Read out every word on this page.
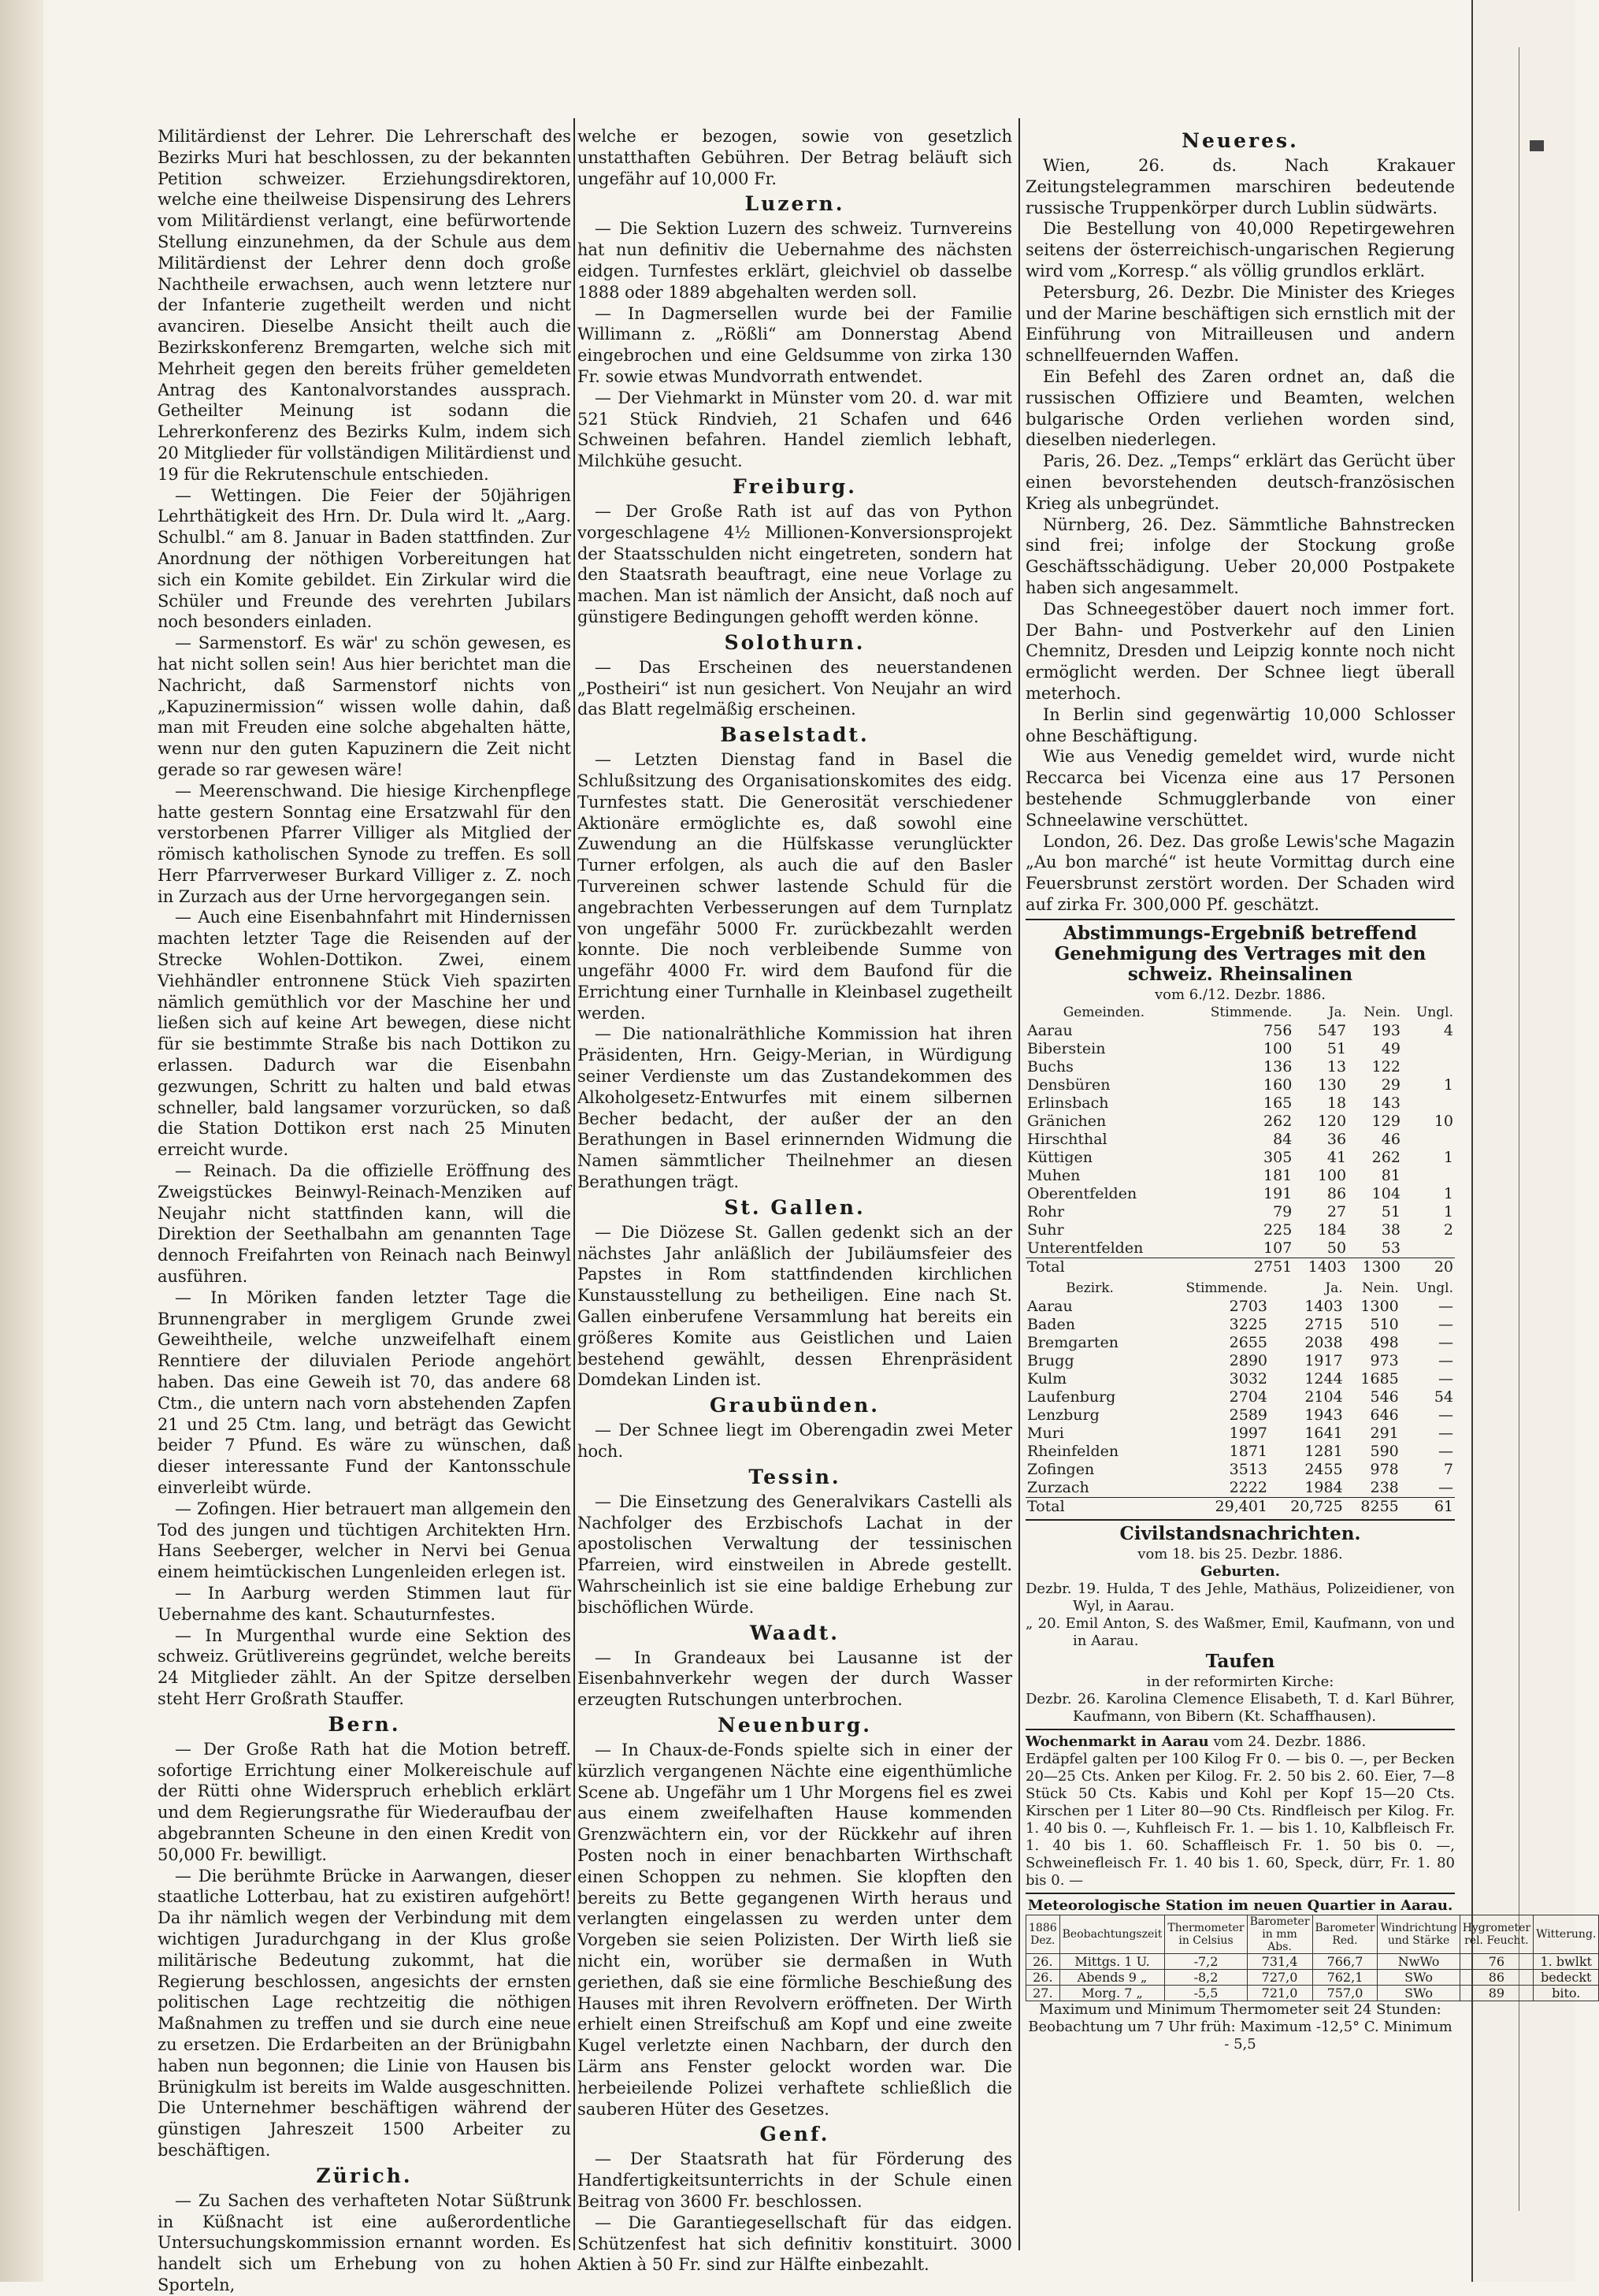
Militärdienst der Lehrer. Die Lehrerschaft des Bezirks Muri hat beschlossen, zu der bekannten Petition schweizer. Erziehungsdirektoren, welche eine theilweise Dispensirung des Lehrers vom Militärdienst verlangt, eine befürwortende Stellung einzunehmen, da der Schule aus dem Militärdienst der Lehrer denn doch große Nachtheile erwachsen, auch wenn letztere nur der Infanterie zugetheilt werden und nicht avanciren. Dieselbe Ansicht theilt auch die Bezirkskonferenz Bremgarten, welche sich mit Mehrheit gegen den bereits früher gemeldeten Antrag des Kantonalvorstandes aussprach. Getheilter Meinung ist sodann die Lehrerkonferenz des Bezirks Kulm, indem sich 20 Mitglieder für vollständigen Militärdienst und 19 für die Rekrutenschule entschieden.

— Wettingen. Die Feier der 50jährigen Lehrthätigkeit des Hrn. Dr. Dula wird lt. „Aarg. Schulbl.“ am 8. Januar in Baden stattfinden. Zur Anordnung der nöthigen Vorbereitungen hat sich ein Komite gebildet. Ein Zirkular wird die Schüler und Freunde des verehrten Jubilars noch besonders einladen.

— Sarmenstorf. Es wär' zu schön gewesen, es hat nicht sollen sein! Aus hier berichtet man die Nachricht, daß Sarmenstorf nichts von „Kapuzinermission“ wissen wolle dahin, daß man mit Freuden eine solche abgehalten hätte, wenn nur den guten Kapuzinern die Zeit nicht gerade so rar gewesen wäre!

— Meerenschwand. Die hiesige Kirchenpflege hatte gestern Sonntag eine Ersatzwahl für den verstorbenen Pfarrer Villiger als Mitglied der römisch katholischen Synode zu treffen. Es soll Herr Pfarrverweser Burkard Villiger z. Z. noch in Zurzach aus der Urne hervorgegangen sein.

— Auch eine Eisenbahnfahrt mit Hindernissen machten letzter Tage die Reisenden auf der Strecke Wohlen-Dottikon. Zwei, einem Viehhändler entronnene Stück Vieh spazirten nämlich gemüthlich vor der Maschine her und ließen sich auf keine Art bewegen, diese nicht für sie bestimmte Straße bis nach Dottikon zu erlassen. Dadurch war die Eisenbahn gezwungen, Schritt zu halten und bald etwas schneller, bald langsamer vorzurücken, so daß die Station Dottikon erst nach 25 Minuten erreicht wurde.

— Reinach. Da die offizielle Eröffnung des Zweigstückes Beinwyl-Reinach-Menziken auf Neujahr nicht stattfinden kann, will die Direktion der Seethalbahn am genannten Tage dennoch Freifahrten von Reinach nach Beinwyl ausführen.

— In Möriken fanden letzter Tage die Brunnengraber in mergligem Grunde zwei Geweihtheile, welche unzweifelhaft einem Renntiere der diluvialen Periode angehört haben. Das eine Geweih ist 70, das andere 68 Ctm., die untern nach vorn abstehenden Zapfen 21 und 25 Ctm. lang, und beträgt das Gewicht beider 7 Pfund. Es wäre zu wünschen, daß dieser interessante Fund der Kantonsschule einverleibt würde.

— Zofingen. Hier betrauert man allgemein den Tod des jungen und tüchtigen Architekten Hrn. Hans Seeberger, welcher in Nervi bei Genua einem heimtückischen Lungenleiden erlegen ist.

— In Aarburg werden Stimmen laut für Uebernahme des kant. Schauturnfestes.

— In Murgenthal wurde eine Sektion des schweiz. Grütlivereins gegründet, welche bereits 24 Mitglieder zählt. An der Spitze derselben steht Herr Großrath Stauffer.

Bern.

— Der Große Rath hat die Motion betreff. sofortige Errichtung einer Molkereischule auf der Rütti ohne Widerspruch erheblich erklärt und dem Regierungsrathe für Wiederaufbau der abgebrannten Scheune in den einen Kredit von 50,000 Fr. bewilligt.

— Die berühmte Brücke in Aarwangen, dieser staatliche Lotterbau, hat zu existiren aufgehört! Da ihr nämlich wegen der Verbindung mit dem wichtigen Juradurchgang in der Klus große militärische Bedeutung zukommt, hat die Regierung beschlossen, angesichts der ernsten politischen Lage rechtzeitig die nöthigen Maßnahmen zu treffen und sie durch eine neue zu ersetzen. Die Erdarbeiten an der Brünigbahn haben nun begonnen; die Linie von Hausen bis Brünigkulm ist bereits im Walde ausgeschnitten. Die Unternehmer beschäftigen während der günstigen Jahreszeit 1500 Arbeiter zu beschäftigen.

Zürich.

— Zu Sachen des verhafteten Notar Süßtrunk in Küßnacht ist eine außerordentliche Untersuchungskommission ernannt worden. Es handelt sich um Erhebung von zu hohen Sporteln,

welche er bezogen, sowie von gesetzlich unstatthaften Gebühren. Der Betrag beläuft sich ungefähr auf 10,000 Fr.

Luzern.

— Die Sektion Luzern des schweiz. Turnvereins hat nun definitiv die Uebernahme des nächsten eidgen. Turnfestes erklärt, gleichviel ob dasselbe 1888 oder 1889 abgehalten werden soll.

— In Dagmersellen wurde bei der Familie Willimann z. „Rößli“ am Donnerstag Abend eingebrochen und eine Geldsumme von zirka 130 Fr. sowie etwas Mundvorrath entwendet.

— Der Viehmarkt in Münster vom 20. d. war mit 521 Stück Rindvieh, 21 Schafen und 646 Schweinen befahren. Handel ziemlich lebhaft, Milchkühe gesucht.

Freiburg.

— Der Große Rath ist auf das von Python vorgeschlagene 4½ Millionen-Konversionsprojekt der Staatsschulden nicht eingetreten, sondern hat den Staatsrath beauftragt, eine neue Vorlage zu machen. Man ist nämlich der Ansicht, daß noch auf günstigere Bedingungen gehofft werden könne.

Solothurn.

— Das Erscheinen des neuerstandenen „Postheiri“ ist nun gesichert. Von Neujahr an wird das Blatt regelmäßig erscheinen.

Baselstadt.

— Letzten Dienstag fand in Basel die Schlußsitzung des Organisationskomites des eidg. Turnfestes statt. Die Generosität verschiedener Aktionäre ermöglichte es, daß sowohl eine Zuwendung an die Hülfskasse verunglückter Turner erfolgen, als auch die auf den Basler Turvereinen schwer lastende Schuld für die angebrachten Verbesserungen auf dem Turnplatz von ungefähr 5000 Fr. zurückbezahlt werden konnte. Die noch verbleibende Summe von ungefähr 4000 Fr. wird dem Baufond für die Errichtung einer Turnhalle in Kleinbasel zugetheilt werden.

— Die nationalräthliche Kommission hat ihren Präsidenten, Hrn. Geigy-Merian, in Würdigung seiner Verdienste um das Zustandekommen des Alkoholgesetz-Entwurfes mit einem silbernen Becher bedacht, der außer der an den Berathungen in Basel erinnernden Widmung die Namen sämmtlicher Theilnehmer an diesen Berathungen trägt.

St. Gallen.

— Die Diözese St. Gallen gedenkt sich an der nächstes Jahr anläßlich der Jubiläumsfeier des Papstes in Rom stattfindenden kirchlichen Kunstausstellung zu betheiligen. Eine nach St. Gallen einberufene Versammlung hat bereits ein größeres Komite aus Geistlichen und Laien bestehend gewählt, dessen Ehrenpräsident Domdekan Linden ist.

Graubünden.

— Der Schnee liegt im Oberengadin zwei Meter hoch.

Tessin.

— Die Einsetzung des Generalvikars Castelli als Nachfolger des Erzbischofs Lachat in der apostolischen Verwaltung der tessinischen Pfarreien, wird einstweilen in Abrede gestellt. Wahrscheinlich ist sie eine baldige Erhebung zur bischöflichen Würde.

Waadt.

— In Grandeaux bei Lausanne ist der Eisenbahnverkehr wegen der durch Wasser erzeugten Rutschungen unterbrochen.

Neuenburg.

— In Chaux-de-Fonds spielte sich in einer der kürzlich vergangenen Nächte eine eigenthümliche Scene ab. Ungefähr um 1 Uhr Morgens fiel es zwei aus einem zweifelhaften Hause kommenden Grenzwächtern ein, vor der Rückkehr auf ihren Posten noch in einer benachbarten Wirthschaft einen Schoppen zu nehmen. Sie klopften den bereits zu Bette gegangenen Wirth heraus und verlangten eingelassen zu werden unter dem Vorgeben sie seien Polizisten. Der Wirth ließ sie nicht ein, worüber sie dermaßen in Wuth geriethen, daß sie eine förmliche Beschießung des Hauses mit ihren Revolvern eröffneten. Der Wirth erhielt einen Streifschuß am Kopf und eine zweite Kugel verletzte einen Nachbarn, der durch den Lärm ans Fenster gelockt worden war. Die herbeieilende Polizei verhaftete schließlich die sauberen Hüter des Gesetzes.

Genf.

— Der Staatsrath hat für Förderung des Handfertigkeitsunterrichts in der Schule einen Beitrag von 3600 Fr. beschlossen.

— Die Garantiegesellschaft für das eidgen. Schützenfest hat sich definitiv konstituirt. 3000 Aktien à 50 Fr. sind zur Hälfte einbezahlt.

Neueres.

Wien, 26. ds. Nach Krakauer Zeitungstelegrammen marschiren bedeutende russische Truppenkörper durch Lublin südwärts.

Die Bestellung von 40,000 Repetirgewehren seitens der österreichisch-ungarischen Regierung wird vom „Korresp.“ als völlig grundlos erklärt.

Petersburg, 26. Dezbr. Die Minister des Krieges und der Marine beschäftigen sich ernstlich mit der Einführung von Mitrailleusen und andern schnellfeuernden Waffen.

Ein Befehl des Zaren ordnet an, daß die russischen Offiziere und Beamten, welchen bulgarische Orden verliehen worden sind, dieselben niederlegen.

Paris, 26. Dez. „Temps“ erklärt das Gerücht über einen bevorstehenden deutsch-französischen Krieg als unbegründet.

Nürnberg, 26. Dez. Sämmtliche Bahnstrecken sind frei; infolge der Stockung große Geschäftsschädigung. Ueber 20,000 Postpakete haben sich angesammelt.

Das Schneegestöber dauert noch immer fort. Der Bahn- und Postverkehr auf den Linien Chemnitz, Dresden und Leipzig konnte noch nicht ermöglicht werden. Der Schnee liegt überall meterhoch.

In Berlin sind gegenwärtig 10,000 Schlosser ohne Beschäftigung.

Wie aus Venedig gemeldet wird, wurde nicht Reccarca bei Vicenza eine aus 17 Personen bestehende Schmugglerbande von einer Schneelawine verschüttet.

London, 26. Dez. Das große Lewis'sche Magazin „Au bon marché“ ist heute Vormittag durch eine Feuersbrunst zerstört worden. Der Schaden wird auf zirka Fr. 300,000 Pf. geschätzt.

Abstimmungs-Ergebniß betreffend Genehmigung des Vertrages mit den schweiz. Rheinsalinen

vom 6./12. Dezbr. 1886.

Gemeinden.	Stimmende.	Ja.	Nein.	Ungl.
Aarau	756	547	193	4
Biberstein	100	51	49	
Buchs	136	13	122	
Densbüren	160	130	29	1
Erlinsbach	165	18	143	
Gränichen	262	120	129	10
Hirschthal	84	36	46	
Küttigen	305	41	262	1
Muhen	181	100	81	
Oberentfelden	191	86	104	1
Rohr	79	27	51	1
Suhr	225	184	38	2
Unterentfelden	107	50	53	
Total	2751	1403	1300	20
Bezirk.	Stimmende.	Ja.	Nein.	Ungl.
Aarau	2703	1403	1300	—
Baden	3225	2715	510	—
Bremgarten	2655	2038	498	—
Brugg	2890	1917	973	—
Kulm	3032	1244	1685	—
Laufenburg	2704	2104	546	54
Lenzburg	2589	1943	646	—
Muri	1997	1641	291	—
Rheinfelden	1871	1281	590	—
Zofingen	3513	2455	978	7
Zurzach	2222	1984	238	—
Total	29,401	20,725	8255	61
Civilstandsnachrichten.

vom 18. bis 25. Dezbr. 1886.

Geburten.

Dezbr. 19. Hulda, T des Jehle, Mathäus, Polizeidiener, von Wyl, in Aarau.

„ 20. Emil Anton, S. des Waßmer, Emil, Kaufmann, von und in Aarau.

Taufen

in der reformirten Kirche:

Dezbr. 26. Karolina Clemence Elisabeth, T. d. Karl Bührer, Kaufmann, von Bibern (Kt. Schaffhausen).

Wochenmarkt in Aarau vom 24. Dezbr. 1886.

Erdäpfel galten per 100 Kilog Fr 0. — bis 0. —, per Becken 20—25 Cts. Anken per Kilog. Fr. 2. 50 bis 2. 60. Eier, 7—8 Stück 50 Cts. Kabis und Kohl per Kopf 15—20 Cts. Kirschen per 1 Liter 80—90 Cts. Rindfleisch per Kilog. Fr. 1. 40 bis 0. —, Kuhfleisch Fr. 1. — bis 1. 10, Kalbfleisch Fr. 1. 40 bis 1. 60. Schaffleisch Fr. 1. 50 bis 0. —, Schweinefleisch Fr. 1. 40 bis 1. 60, Speck, dürr, Fr. 1. 80 bis 0. —

Meteorologische Station im neuen Quartier in Aarau.

1886 Dez.	Beobachtungszeit	Thermometer in Celsius	Barometer in mm Abs.	Barometer Red.	Windrichtung und Stärke	Hygrometer rel. Feucht.	Witterung.
26.	Mittgs. 1 U.	-7,2	731,4	766,7	NwWo	76	1. bwlkt
26.	Abends 9 „	-8,2	727,0	762,1	SWo	86	bedeckt
27.	Morg. 7 „	-5,5	721,0	757,0	SWo	89	bito.

Maximum und Minimum Thermometer seit 24 Stunden: Beobachtung um 7 Uhr früh: Maximum -12,5° C. Minimum - 5,5
